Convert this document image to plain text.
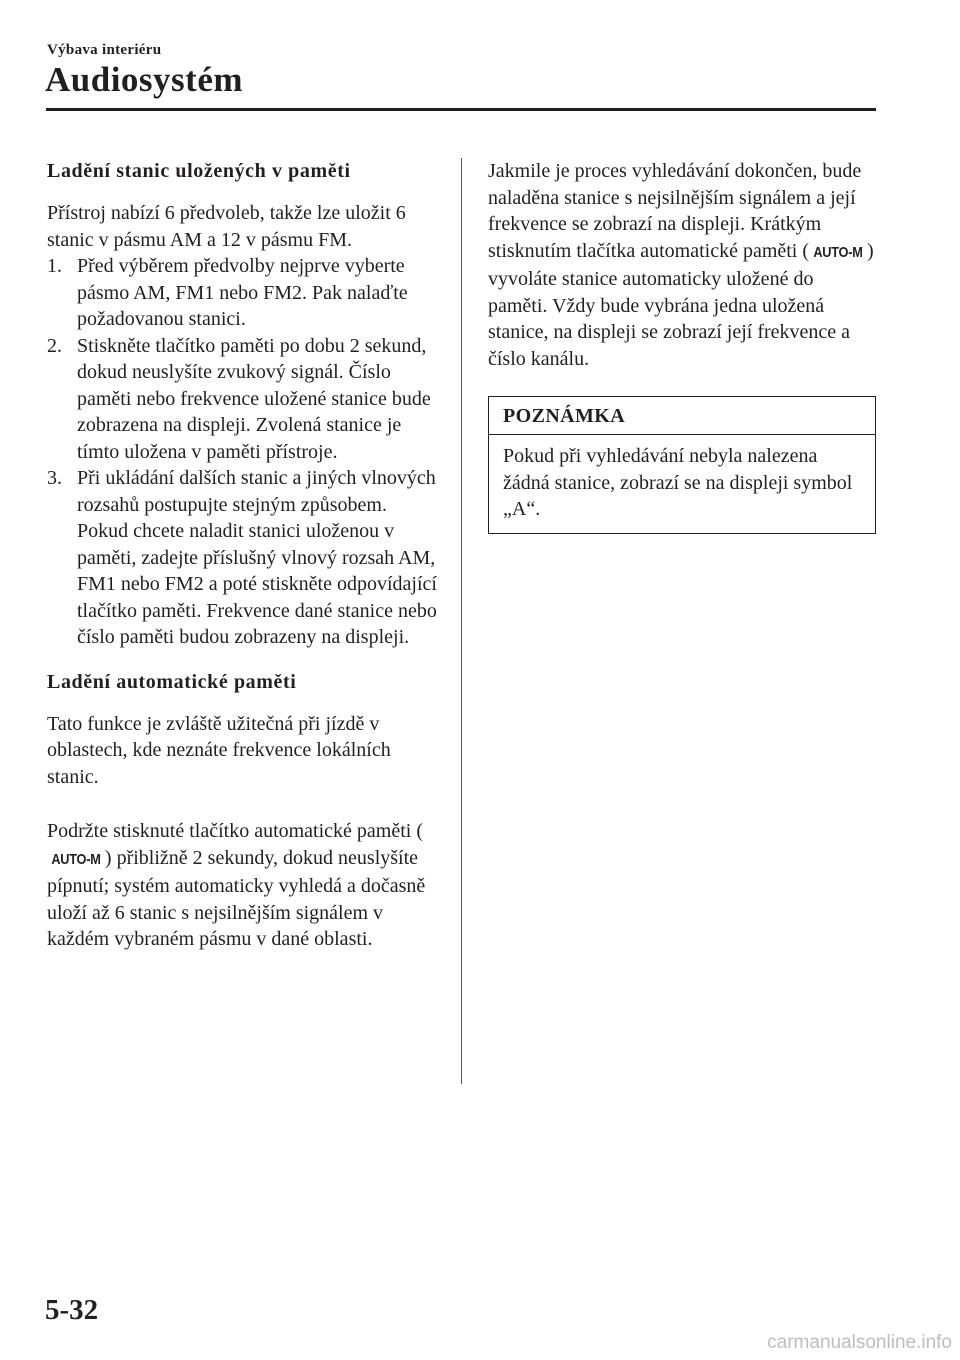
Výbava interiéru
Audiosystém
Ladění stanic uložených v paměti

Přístroj nabízí 6 předvoleb, takže lze uložit 6 stanic v pásmu AM a 12 v pásmu FM.

1. Před výběrem předvolby nejprve vyberte pásmo AM, FM1 nebo FM2. Pak nalaďte požadovanou stanici.
2. Stiskněte tlačítko paměti po dobu 2 sekund, dokud neuslyšíte zvukový signál. Číslo paměti nebo frekvence uložené stanice bude zobrazena na displeji. Zvolená stanice je tímto uložena v paměti přístroje.
3. Při ukládání dalších stanic a jiných vlnových rozsahů postupujte stejným způsobem. Pokud chcete naladit stanici uloženou v paměti, zadejte příslušný vlnový rozsah AM, FM1 nebo FM2 a poté stiskněte odpovídající tlačítko paměti. Frekvence dané stanice nebo číslo paměti budou zobrazeny na displeji.
Ladění automatické paměti

Tato funkce je zvláště užitečná při jízdě v oblastech, kde neznáte frekvence lokálních stanic.

Podržte stisknuté tlačítko automatické paměti (AUTO-M ) přibližně 2 sekundy, dokud neuslyšíte pípnutí; systém automaticky vyhledá a dočasně uloží až 6 stanic s nejsilnějším signálem v každém vybraném pásmu v dané oblasti.

Jakmile je proces vyhledávání dokončen, bude naladěna stanice s nejsilnějším signálem a její frekvence se zobrazí na displeji. Krátkým stisknutím tlačítka automatické paměti ( AUTO-M ) vyvoláte stanice automaticky uložené do paměti. Vždy bude vybrána jedna uložená stanice, na displeji se zobrazí její frekvence a číslo kanálu.

POZNÁMKA
Pokud při vyhledávání nebyla nalezena žádná stanice, zobrazí se na displeji symbol „A“.
5-32
carmanualsonline.info
